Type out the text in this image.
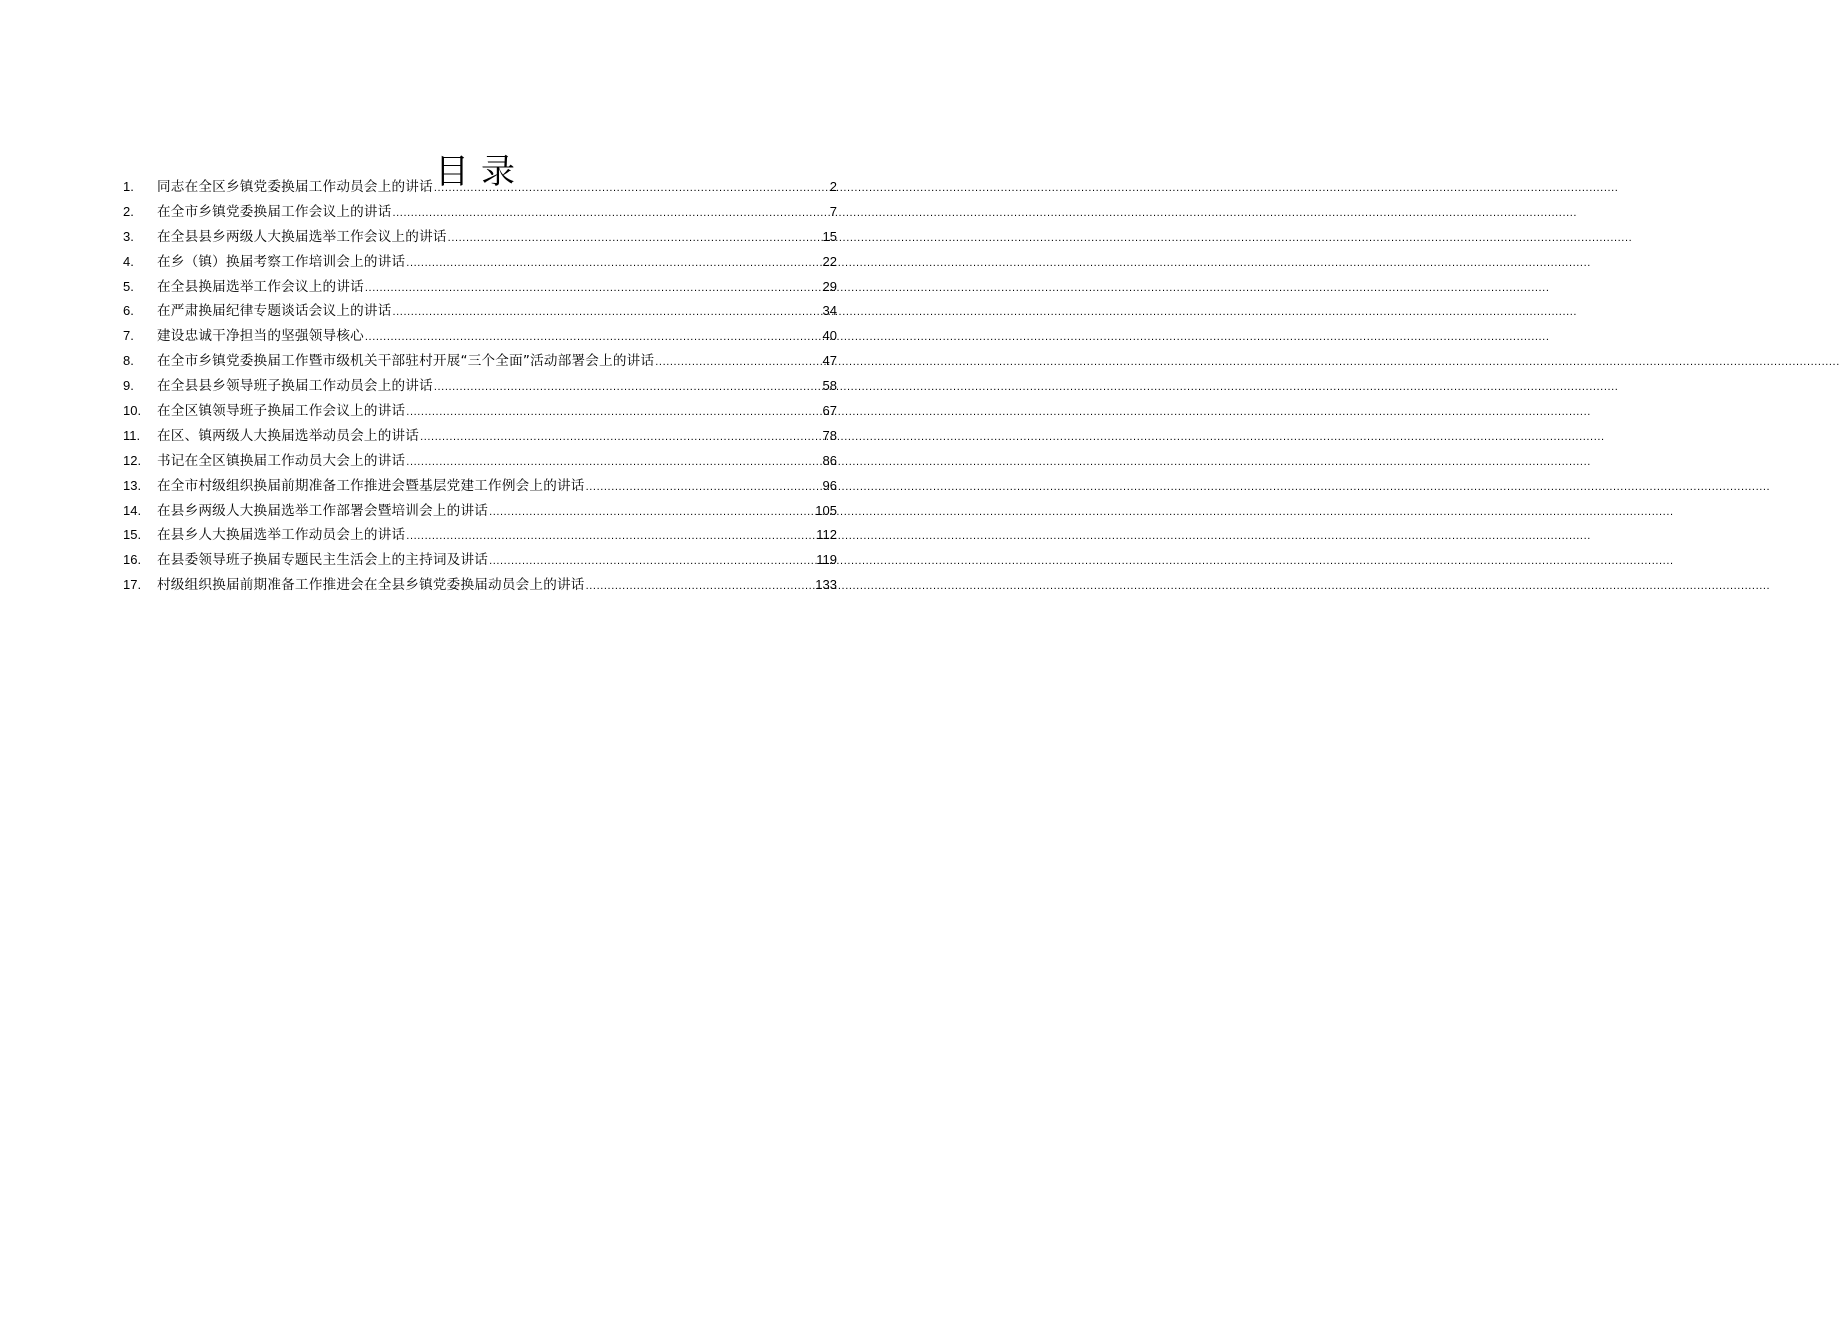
目录
1.	同志在全区乡镇党委换届工作动员会上的讲话 .....	2
2.	在全市乡镇党委换届工作会议上的讲话 .....	7
3.	在全县县乡两级人大换届选举工作会议上的讲话 .....	15
4.	在乡（镇）换届考察工作培训会上的讲话 .....	22
5.	在全县换届选举工作会议上的讲话 .....	29
6.	在严肃换届纪律专题谈话会议上的讲话 .....	34
7.	建设忠诚干净担当的坚强领导核心 .....	40
8.	在全市乡镇党委换届工作暨市级机关干部驻村开展“三个全面”活动部署会上的讲话 .....	47
9.	在全县县乡领导班子换届工作动员会上的讲话 .....	58
10.	在全区镇领导班子换届工作会议上的讲话 .....	67
11.	在区、镇两级人大换届选举动员会上的讲话 .....	78
12.	书记在全区镇换届工作动员大会上的讲话 .....	86
13.	在全市村级组织换届前期准备工作推进会暨基层党建工作例会上的讲话 .....	96
14.	在县乡两级人大换届选举工作部署会暨培训会上的讲话 .....	105
15.	在县乡人大换届选举工作动员会上的讲话 .....	112
16.	在县委领导班子换届专题民主生活会上的主持词及讲话 .....	119
17.	村级组织换届前期准备工作推进会在全县乡镇党委换届动员会上的讲话 .....	133
